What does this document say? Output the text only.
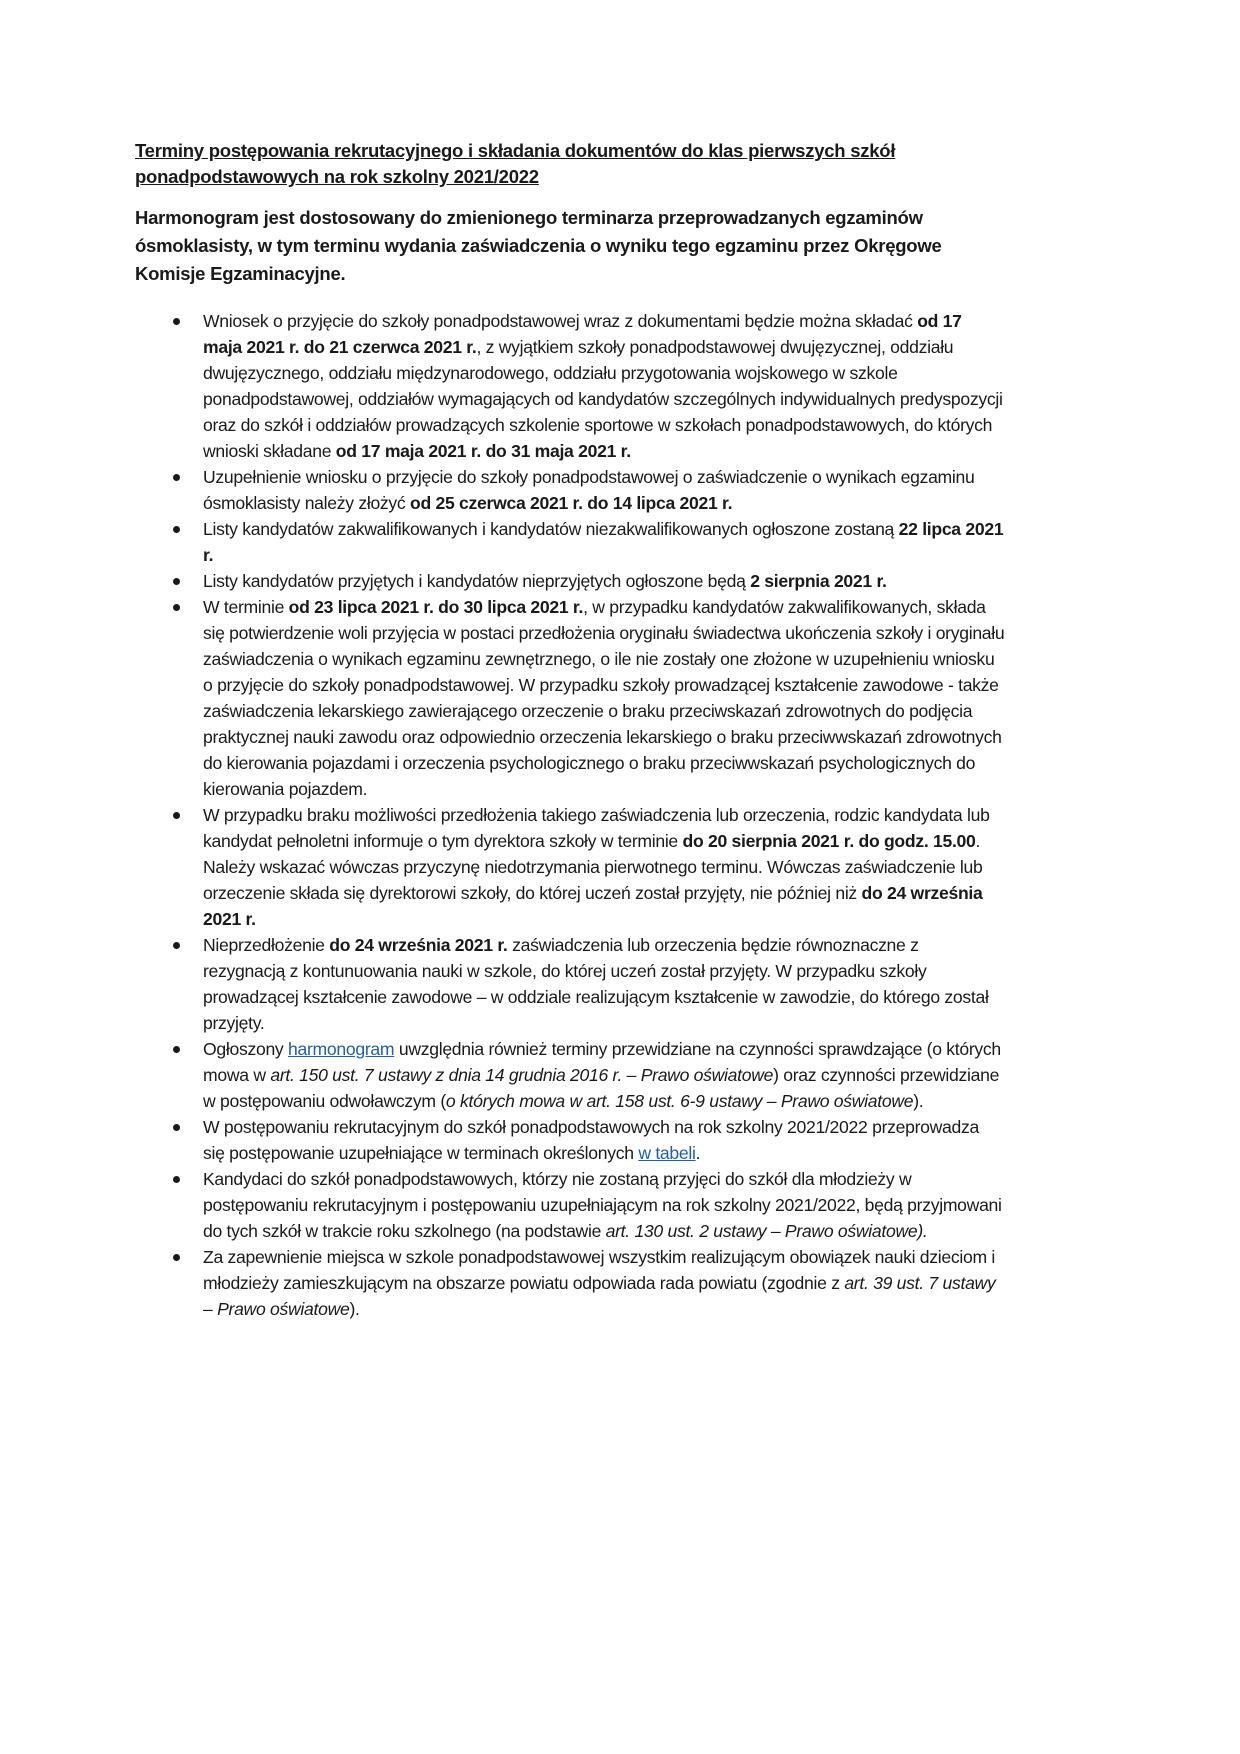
Terminy postępowania rekrutacyjnego i składania dokumentów do klas pierwszych szkół ponadpodstawowych na rok szkolny 2021/2022

Harmonogram jest dostosowany do zmienionego terminarza przeprowadzanych egzaminów ósmoklasisty, w tym terminu wydania zaświadczenia o wyniku tego egzaminu przez Okręgowe Komisje Egzaminacyjne.

Wniosek o przyjęcie do szkoły ponadpodstawowej wraz z dokumentami będzie można składać od 17 maja 2021 r. do 21 czerwca 2021 r., z wyjątkiem szkoły ponadpodstawowej dwujęzycznej, oddziału dwujęzycznego, oddziału międzynarodowego, oddziału przygotowania wojskowego w szkole ponadpodstawowej, oddziałów wymagających od kandydatów szczególnych indywidualnych predyspozycji oraz do szkół i oddziałów prowadzących szkolenie sportowe w szkołach ponadpodstawowych, do których wnioski składane od 17 maja 2021 r. do 31 maja 2021 r.
Uzupełnienie wniosku o przyjęcie do szkoły ponadpodstawowej o zaświadczenie o wynikach egzaminu ósmoklasisty należy złożyć od 25 czerwca 2021 r. do 14 lipca 2021 r.
Listy kandydatów zakwalifikowanych i kandydatów niezakwalifikowanych ogłoszone zostaną 22 lipca 2021 r.
Listy kandydatów przyjętych i kandydatów nieprzyjętych ogłoszone będą 2 sierpnia 2021 r.
W terminie od 23 lipca 2021 r. do 30 lipca 2021 r., w przypadku kandydatów zakwalifikowanych, składa się potwierdzenie woli przyjęcia w postaci przedłożenia oryginału świadectwa ukończenia szkoły i oryginału zaświadczenia o wynikach egzaminu zewnętrznego, o ile nie zostały one złożone w uzupełnieniu wniosku o przyjęcie do szkoły ponadpodstawowej. W przypadku szkoły prowadzącej kształcenie zawodowe - także zaświadczenia lekarskiego zawierającego orzeczenie o braku przeciwskazań zdrowotnych do podjęcia praktycznej nauki zawodu oraz odpowiednio orzeczenia lekarskiego o braku przeciwwskazań zdrowotnych do kierowania pojazdami i orzeczenia psychologicznego o braku przeciwwskazań psychologicznych do kierowania pojazdem.
W przypadku braku możliwości przedłożenia takiego zaświadczenia lub orzeczenia, rodzic kandydata lub kandydat pełnoletni informuje o tym dyrektora szkoły w terminie do 20 sierpnia 2021 r. do godz. 15.00. Należy wskazać wówczas przyczynę niedotrzymania pierwotnego terminu. Wówczas zaświadczenie lub orzeczenie składa się dyrektorowi szkoły, do której uczeń został przyjęty, nie później niż do 24 września 2021 r.
Nieprzedłożenie do 24 września 2021 r. zaświadczenia lub orzeczenia będzie równoznaczne z rezygnacją z kontunuowania nauki w szkole, do której uczeń został przyjęty. W przypadku szkoły prowadzącej kształcenie zawodowe – w oddziale realizującym kształcenie w zawodzie, do którego został przyjęty.
Ogłoszony harmonogram uwzględnia również terminy przewidziane na czynności sprawdzające (o których mowa w art. 150 ust. 7 ustawy z dnia 14 grudnia 2016 r. – Prawo oświatowe) oraz czynności przewidziane w postępowaniu odwoławczym (o których mowa w art. 158 ust. 6-9 ustawy – Prawo oświatowe).
W postępowaniu rekrutacyjnym do szkół ponadpodstawowych na rok szkolny 2021/2022 przeprowadza się postępowanie uzupełniające w terminach określonych w tabeli.
Kandydaci do szkół ponadpodstawowych, którzy nie zostaną przyjęci do szkół dla młodzieży w postępowaniu rekrutacyjnym i postępowaniu uzupełniającym na rok szkolny 2021/2022, będą przyjmowani do tych szkół w trakcie roku szkolnego (na podstawie art. 130 ust. 2 ustawy – Prawo oświatowe).
Za zapewnienie miejsca w szkole ponadpodstawowej wszystkim realizującym obowiązek nauki dzieciom i młodzieży zamieszkującym na obszarze powiatu odpowiada rada powiatu (zgodnie z art. 39 ust. 7 ustawy – Prawo oświatowe).
